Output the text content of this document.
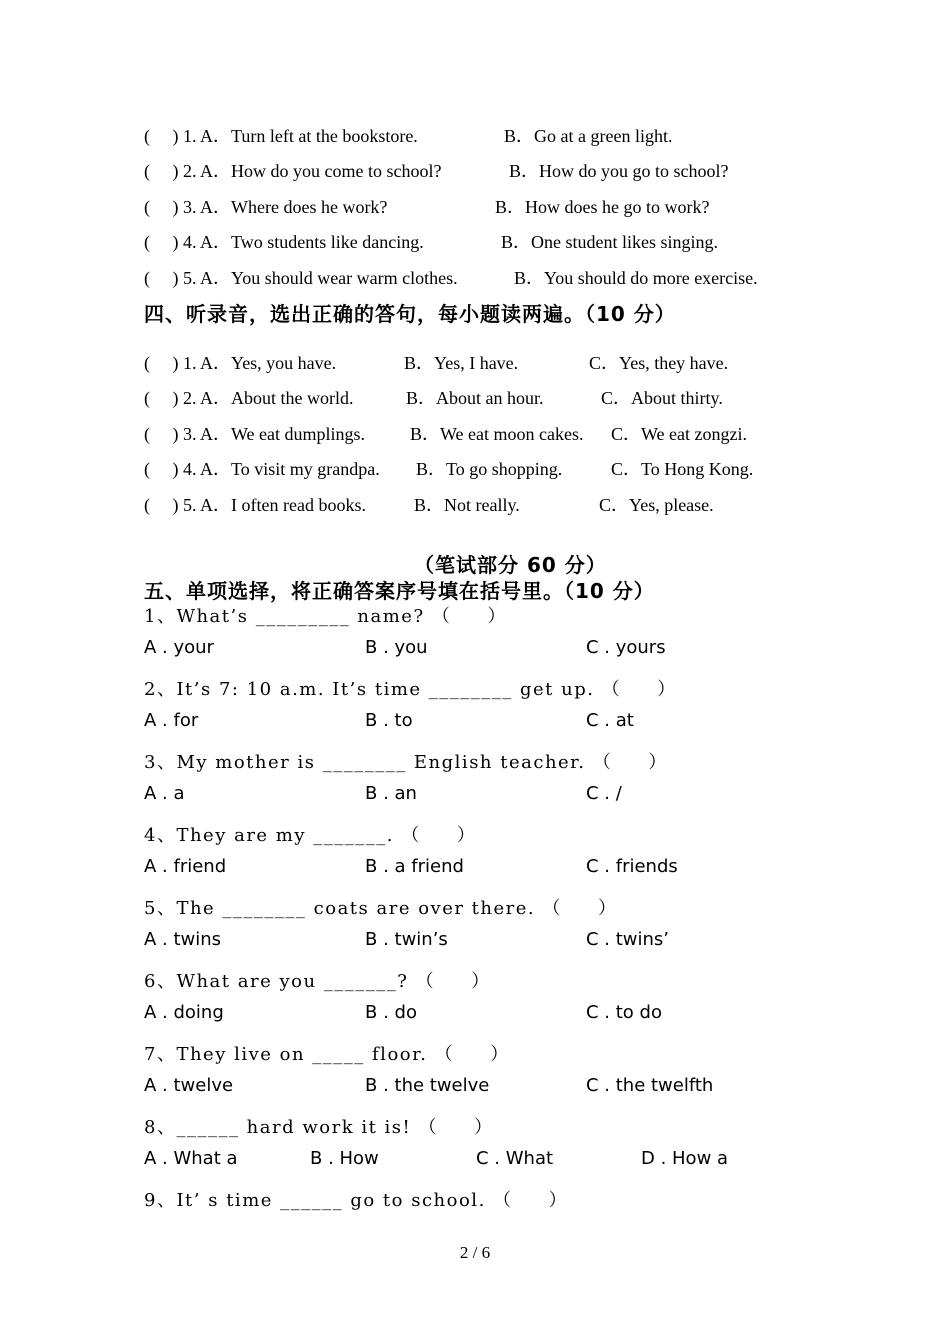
(     ) 1. A．Turn left at the bookstore.	B．Go at a green light.
(     ) 2. A．How do you come to school?	B．How do you go to school?
(     ) 3. A．Where does he work?	B．How does he go to work?
(     ) 4. A．Two students like dancing.	B．One student likes singing.
(     ) 5. A．You should wear warm clothes.	B．You should do more exercise.
四、听录音，选出正确的答句，每小题读两遍。（10 分）
(     ) 1. A．Yes, you have.	B．Yes, I have.	C．Yes, they have.
(     ) 2. A．About the world.	B．About an hour.	C．About thirty.
(     ) 3. A．We eat dumplings. B．We eat moon cakes. C．We eat zongzi.
(     ) 4. A．To visit my grandpa. B．To go shopping.	C．To Hong Kong.
(     ) 5. A．I often read books.	B．Not really.	C．Yes, please.
（笔试部分 60 分）
五、单项选择，将正确答案序号填在括号里。（10 分）
1、What’s _________ name? （     ）
A . your	B . you	C . yours
2、It’s 7: 10 a.m. It’s time ________ get up. （     ）
A . for	B . to	C . at
3、My mother is ________ English teacher. （     ）
A . a	B . an	C . /
4、They are my _______. （     ）
A . friend	B . a friend	C . friends
5、The ________ coats are over there. （     ）
A . twins	B . twin’s	C . twins’
6、What are you _______? （     ）
A . doing	B . do	C . to do
7、They live on _____ floor. （     ）
A . twelve	B . the twelve	C . the twelfth
8、______ hard work it is! （     ）
A . What a	B . How	C . What	D . How a
9、It’ s time ______ go to school. （     ）
2 / 6
